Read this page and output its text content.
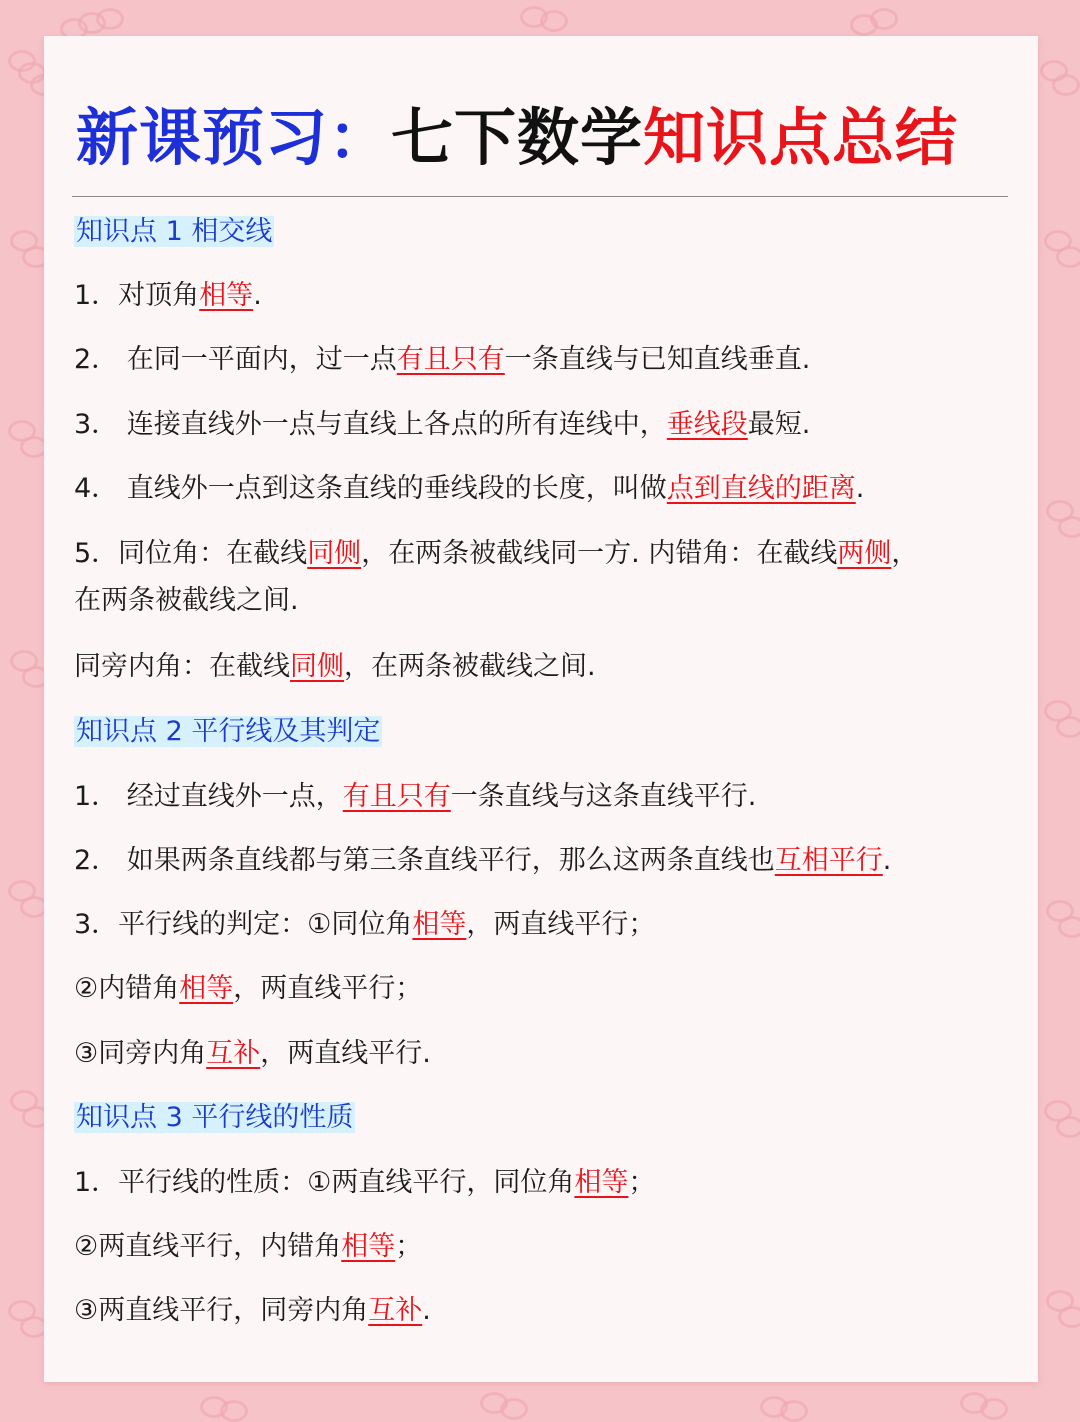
新课预习：七下数学知识点总结
知识点 1 相交线
1．对顶角相等.
2． 在同一平面内，过一点有且只有一条直线与已知直线垂直.
3． 连接直线外一点与直线上各点的所有连线中，垂线段最短.
4． 直线外一点到这条直线的垂线段的长度，叫做点到直线的距离.
5．同位角：在截线同侧，在两条被截线同一方. 内错角：在截线两侧，
在两条被截线之间.
同旁内角：在截线同侧，在两条被截线之间.
知识点 2 平行线及其判定
1． 经过直线外一点，有且只有一条直线与这条直线平行.
2． 如果两条直线都与第三条直线平行，那么这两条直线也互相平行.
3．平行线的判定：①同位角相等，两直线平行；
②内错角相等，两直线平行；
③同旁内角互补，两直线平行.
知识点 3 平行线的性质
1．平行线的性质：①两直线平行，同位角相等；
②两直线平行，内错角相等；
③两直线平行，同旁内角互补.
